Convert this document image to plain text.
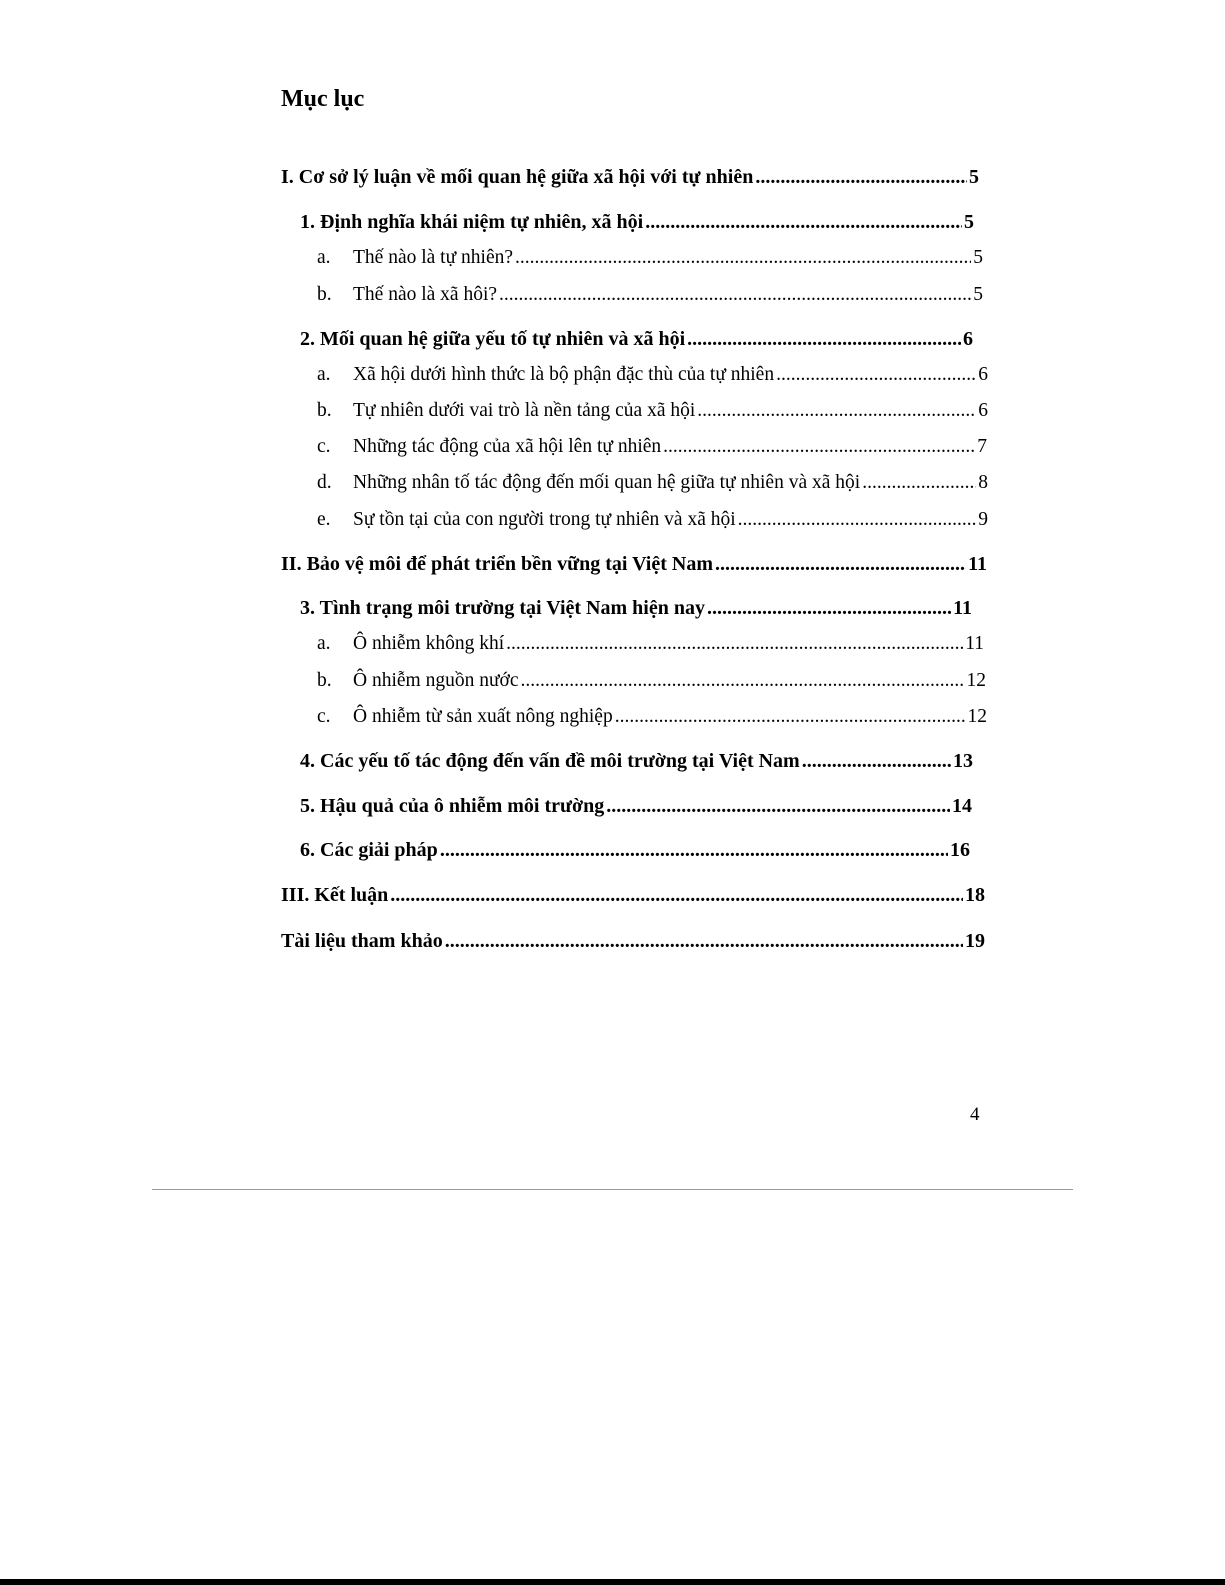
Mục lục
I. Cơ sở lý luận về mối quan hệ giữa xã hội với tự nhiên .....	5
1. Định nghĩa khái niệm tự nhiên, xã hội .....	5
a.	Thế nào là tự nhiên? .....	5
b.	Thế nào là xã hôi? .....	5
2. Mối quan hệ giữa yếu tố tự nhiên và xã hội .....	6
a.	Xã hội dưới hình thức là bộ phận đặc thù của tự nhiên .....	6
b.	Tự nhiên dưới vai trò là nền tảng của xã hội .....	6
c.	Những tác động của xã hội lên tự nhiên .....	7
d.	Những nhân tố tác động đến mối quan hệ giữa tự nhiên và xã hội .....	8
e.	Sự tồn tại của con người trong tự nhiên và xã hội .....	9
II. Bảo vệ môi để phát triển bền vững tại Việt Nam .....	11
3. Tình trạng môi trường tại Việt Nam hiện nay .....	11
a.	Ô nhiễm không khí .....	11
b.	Ô nhiễm nguồn nước .....	12
c.	Ô nhiễm từ sản xuất nông nghiệp .....	12
4. Các yếu tố tác động đến vấn đề môi trường tại Việt Nam .....	13
5. Hậu quả của ô nhiễm môi trường .....	14
6. Các giải pháp .....	16
III. Kết luận .....	18
Tài liệu tham khảo .....	19
4
